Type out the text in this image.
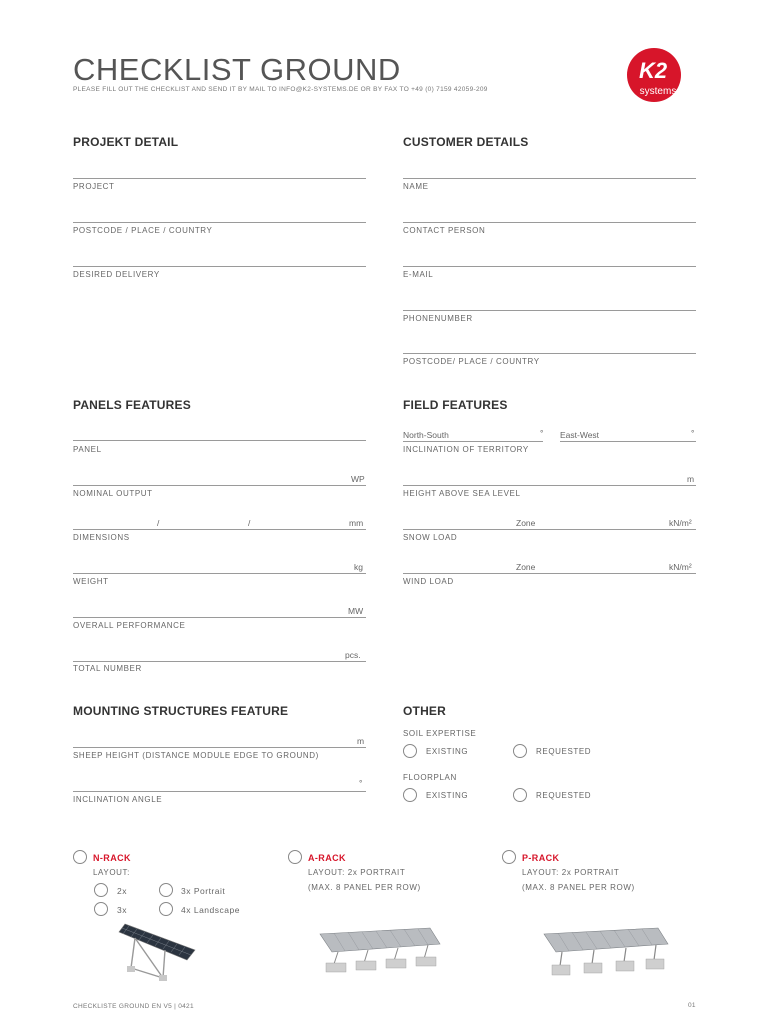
CHECKLIST GROUND
PLEASE FILL OUT THE CHECKLIST AND SEND IT BY MAIL TO INFO@K2-SYSTEMS.DE OR BY FAX TO +49 (0) 7159 42059-209
K2
systems
PROJEKT DETAIL
PROJECT
POSTCODE / PLACE / COUNTRY
DESIRED DELIVERY
CUSTOMER DETAILS
NAME
CONTACT PERSON
E-MAIL
PHONENUMBER
POSTCODE/ PLACE / COUNTRY
PANELS FEATURES
PANEL
WP
NOMINAL OUTPUT
/	/	mm
DIMENSIONS
kg
WEIGHT
MW
OVERALL PERFORMANCE
pcs.
TOTAL NUMBER
FIELD FEATURES
North-South	° East-West	°
INCLINATION OF TERRITORY
m
HEIGHT ABOVE SEA LEVEL
Zone	kN/m²
SNOW LOAD
Zone	kN/m²
WIND LOAD
MOUNTING STRUCTURES FEATURE
m
SHEEP HEIGHT (DISTANCE MODULE EDGE TO GROUND)
°
INCLINATION ANGLE
OTHER
SOIL EXPERTISE
EXISTING	REQUESTED
FLOORPLAN
EXISTING	REQUESTED
N-RACK
LAYOUT:
2x	3x Portrait
3x	4x Landscape
A-RACK
LAYOUT: 2x PORTRAIT
(MAX. 8 PANEL PER ROW)
P-RACK
LAYOUT: 2x PORTRAIT
(MAX. 8 PANEL PER ROW)
CHECKLISTE GROUND EN V5 | 0421	01
